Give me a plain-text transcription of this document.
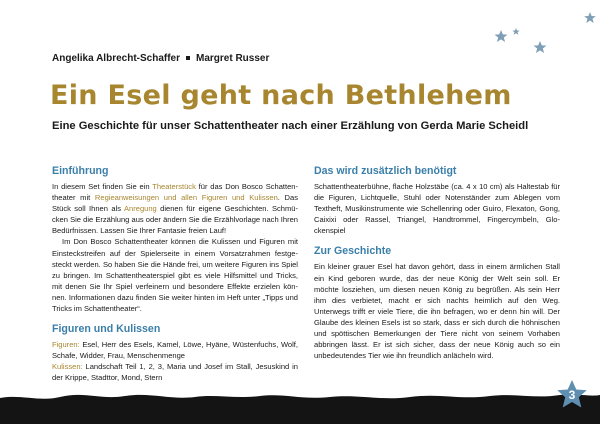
Angelika Albrecht-Schaffer Margret Russer
Ein Esel geht nach Bethlehem
Eine Geschichte für unser Schattentheater nach einer Erzählung von Gerda Marie Scheidl
Einführung

In diesem Set finden Sie ein Theaterstück für das Don Bosco Schattentheater mit Regieanweisungen und allen Figuren und Kulissen. Das Stück soll Ihnen als Anregung dienen für eigene Geschichten. Schmücken Sie die Erzählung aus oder ändern Sie die Erzählvorlage nach Ihren Bedürfnissen. Lassen Sie Ihrer Fantasie freien Lauf!

Im Don Bosco Schattentheater können die Kulissen und Figuren mit Einsteckstreifen auf der Spielerseite in einem Vorsatzrahmen festgesteckt werden. So haben Sie die Hände frei, um weitere Figuren ins Spiel zu bringen. Im Schattentheaterspiel gibt es viele Hilfsmittel und Tricks, mit denen Sie Ihr Spiel verfeinern und besondere Effekte erzielen können. Informationen dazu finden Sie weiter hinten im Heft unter „Tipps und Tricks im Schattentheater“.

Figuren und Kulissen

Figuren: Esel, Herr des Esels, Kamel, Löwe, Hyäne, Wüstenfuchs, Wolf, Schafe, Widder, Frau, Menschenmenge

Kulissen: Landschaft Teil 1, 2, 3, Maria und Josef im Stall, Jesuskind in der Krippe, Stadttor, Mond, Stern

Das wird zusätzlich benötigt

Schattentheaterbühne, flache Holzstäbe (ca. 4 x 10 cm) als Haltestab für die Figuren, Lichtquelle, Stuhl oder Notenständer zum Ablegen vom Textheft, Musikinstrumente wie Schellenring oder Guiro, Flexaton, Gong, Caixixi oder Rassel, Triangel, Handtrommel, Fingercymbeln, Glockenspiel

Zur Geschichte

Ein kleiner grauer Esel hat davon gehört, dass in einem ärmlichen Stall ein Kind geboren wurde, das der neue König der Welt sein soll. Er möchte losziehen, um diesen neuen König zu begrüßen. Als sein Herr ihm dies verbietet, macht er sich nachts heimlich auf den Weg. Unterwegs trifft er viele Tiere, die ihn befragen, wo er denn hin will. Der Glaube des kleinen Esels ist so stark, dass er sich durch die höhnischen und spöttischen Bemerkungen der Tiere nicht von seinem Vorhaben abbringen lässt. Er ist sich sicher, dass der neue König auch so ein unbedeutendes Tier wie ihn freundlich anlächeln wird.

3
